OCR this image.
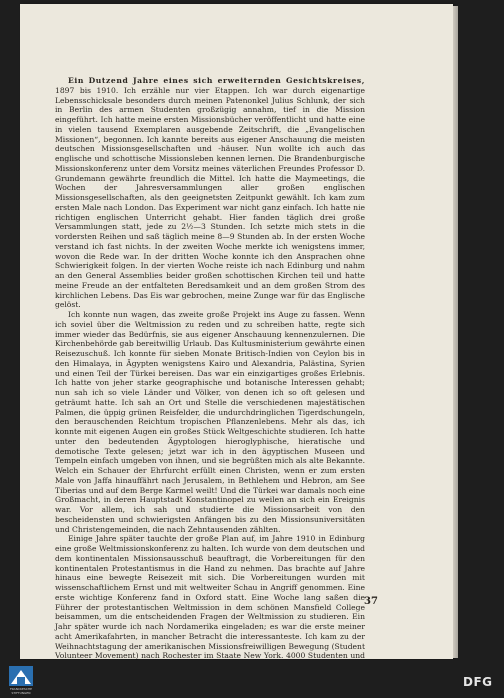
Ein Dutzend Jahre eines sich erweiternden Gesichtskreises, 1897 bis 1910. Ich erzähle nur vier Etappen. Ich war durch eigenartige Lebensschicksale besonders durch meinen Patenonkel Julius Schlunk, der sich in Berlin des armen Studenten großzügig annahm, tief in die Mission eingeführt. Ich hatte meine ersten Missionsbücher veröffentlicht und hatte eine in vielen tausend Exemplaren ausgebende Zeitschrift, die „Evangelischen Missionen“, begonnen. Ich kannte bereits aus eigener Anschauung die meisten deutschen Missionsgesellschaften und -häuser. Nun wollte ich auch das englische und schottische Missionsleben kennen lernen. Die Brandenburgische Missionskonferenz unter dem Vorsitz meines väterlichen Freundes Professor D. Grundemann gewährte freundlich die Mittel. Ich hatte die Maymeetings, die Wochen der Jahresversammlungen aller großen englischen Missionsgesellschaften, als den geeignetsten Zeitpunkt gewählt. Ich kam zum ersten Male nach London. Das Experiment war nicht ganz einfach. Ich hatte nie richtigen englischen Unterricht gehabt. Hier fanden täglich drei große Versammlungen statt, jede zu 2½—3 Stunden. Ich setzte mich stets in die vordersten Reihen und saß täglich meine 8—9 Stunden ab. In der ersten Woche verstand ich fast nichts. In der zweiten Woche merkte ich wenigstens immer, wovon die Rede war. In der dritten Woche konnte ich den Ansprachen ohne Schwierigkeit folgen. In der vierten Woche reiste ich nach Edinburg und nahm an den General Assemblies beider großen schottischen Kirchen teil und hatte meine Freude an der entfalteten Beredsamkeit und an dem großen Strom des kirchlichen Lebens. Das Eis war gebrochen, meine Zunge war für das Englische gelöst.

Ich konnte nun wagen, das zweite große Projekt ins Auge zu fassen. Wenn ich soviel über die Weltmission zu reden und zu schreiben hatte, regte sich immer wieder das Bedürfnis, sie aus eigener Anschauung kennenzulernen. Die Kirchenbehörde gab bereitwillig Urlaub. Das Kultusministerium gewährte einen Reisezuschuß. Ich konnte für sieben Monate Britisch-Indien von Ceylon bis in den Himalaya, in Ägypten wenigstens Kairo und Alexandria, Palästina, Syrien und einen Teil der Türkei bereisen. Das war ein einzigartiges großes Erlebnis. Ich hatte von jeher starke geographische und botanische Interessen gehabt; nun sah ich so viele Länder und Völker, von denen ich so oft gelesen und geträumt hatte. Ich sah an Ort und Stelle die verschiedenen majestätischen Palmen, die üppig grünen Reisfelder, die undurchdringlichen Tigerdschungeln, den berauschenden Reichtum tropischen Pflanzenlebens. Mehr als das, ich konnte mit eigenen Augen ein großes Stück Weltgeschichte studieren. Ich hatte unter den bedeutenden Ägyptologen hieroglyphische, hieratische und demotische Texte gelesen; jetzt war ich in den ägyptischen Museen und Tempeln einfach umgeben von ihnen, und sie begrüßten mich als alte Bekannte. Welch ein Schauer der Ehrfurcht erfüllt einen Christen, wenn er zum ersten Male von Jaffa hinauffährt nach Jerusalem, in Bethlehem und Hebron, am See Tiberias und auf dem Berge Karmel weilt! Und die Türkei war damals noch eine Großmacht, in deren Hauptstadt Konstantinopel zu weilen an sich ein Ereignis war. Vor allem, ich sah und studierte die Missionsarbeit von den bescheidensten und schwierigsten Anfängen bis zu den Missionsuniversitäten und Christengemeinden, die nach Zehntausenden zählten.

Einige Jahre später tauchte der große Plan auf, im Jahre 1910 in Edinburg eine große Weltmissionskonferenz zu halten. Ich wurde von dem deutschen und dem kontinentalen Missionsausschuß beauftragt, die Vorbereitungen für den kontinentalen Protestantismus in die Hand zu nehmen. Das brachte auf Jahre hinaus eine bewegte Reisezeit mit sich. Die Vorbereitungen wurden mit wissenschaftlichem Ernst und mit weltweiter Schau in Angriff genommen. Eine erste wichtige Konferenz fand in Oxford statt. Eine Woche lang saßen die Führer der protestantischen Weltmission in dem schönen Mansfield College beisammen, um die entscheidenden Fragen der Weltmission zu studieren. Ein Jahr später wurde ich nach Nordamerika eingeladen; es war die erste meiner acht Amerikafahrten, in mancher Betracht die interessanteste. Ich kam zu der Weihnachtstagung der amerikanischen Missionsfreiwilligen Bewegung (Student Volunteer Movement) nach Rochester im Staate New York. 4000 Studenten und

37
FRANCKESCHE STIFTUNGEN
DFG
